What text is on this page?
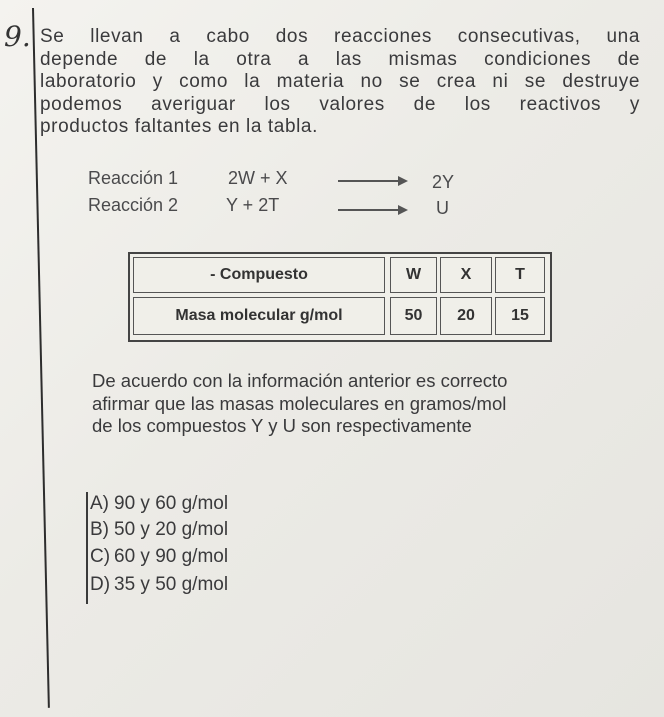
9. Se llevan a cabo dos reacciones consecutivas, una
depende de la otra a las mismas condiciones de
laboratorio y como la materia no se crea ni se destruye
podemos averiguar los valores de los reactivos y
productos faltantes en la tabla.
Reacción 1	2W + X	2Y
Reacción 2	Y + 2T	U
- Compuesto	W	X	T
Masa molecular g/mol	50	20	15
De acuerdo con la información anterior es correcto
afirmar que las masas moleculares en gramos/mol
de los compuestos Y y U son respectivamente
A) 90 y 60 g/mol
B) 50 y 20 g/mol
C) 60 y 90 g/mol
D) 35 y 50 g/mol
